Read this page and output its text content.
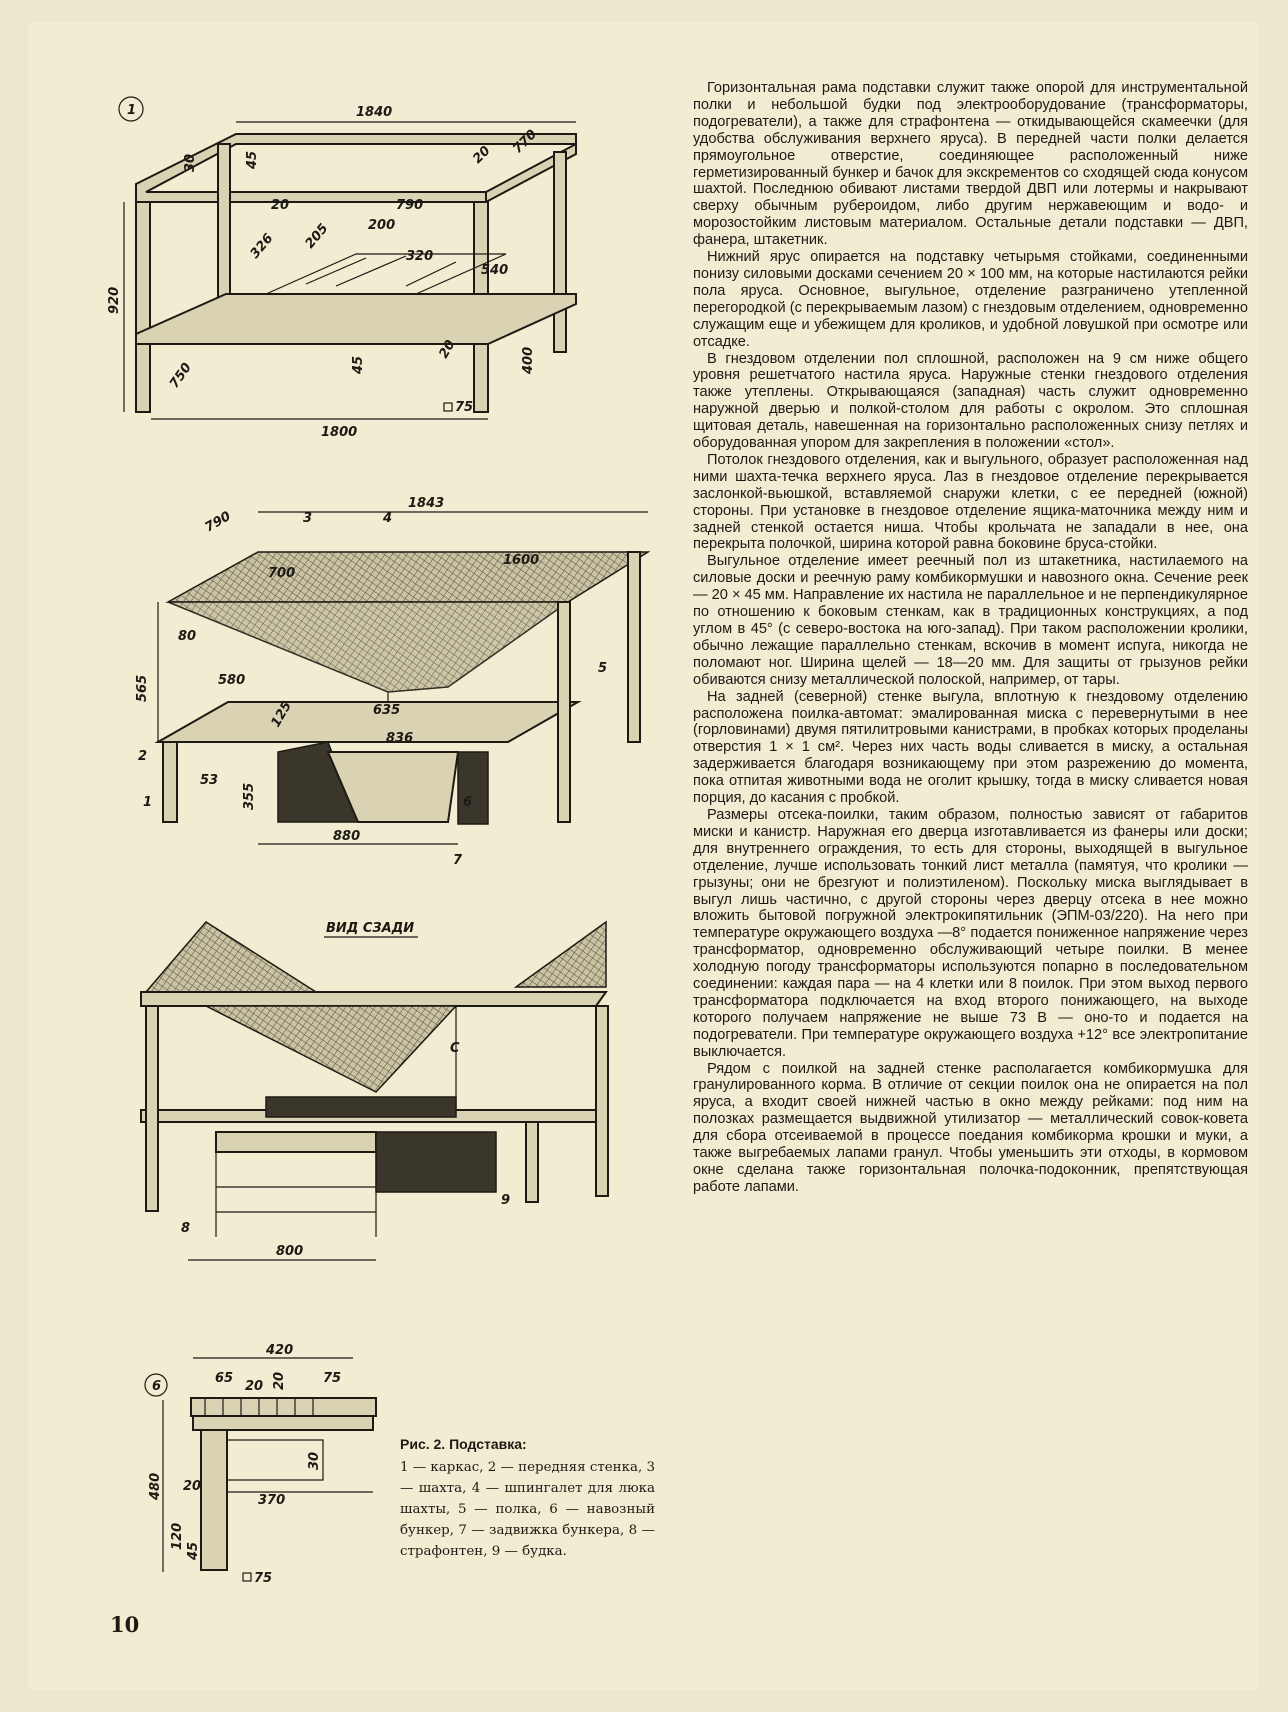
1	1840
30	45	20 770
20	790
200
205
326	320
540
920
750	45
20	400
75
1800
1843
790
700
1600
80
565	580
125	635
836
53
355
880
3	4
5
2
1	6
7
ВИД СЗАДИ
С
800
8
9
6
420
65
20 20	75
30
480 20
370
120
45
75
Рис. 2. Подставка:
1 — каркас, 2 — передняя стенка, 3 — шахта, 4 — шпингалет для люка шахты, 5 — полка, 6 — навозный бункер, 7 — задвижка бункера, 8 — страфонтен, 9 — будка.
10

Горизонтальная рама подставки служит также опорой для инструментальной полки и небольшой будки под электрооборудование (трансформаторы, подогреватели), а также для страфонтена — откидывающейся скамеечки (для удобства обслуживания верхнего яруса). В передней части полки делается прямоугольное отверстие, соединяющее расположенный ниже герметизированный бункер и бачок для экскрементов со сходящей сюда конусом шахтой. Последнюю обивают листами твердой ДВП или лотермы и накрывают сверху обычным рубероидом, либо другим нержавеющим и водо- и морозостойким листовым материалом. Остальные детали подставки — ДВП, фанера, штакетник.

Нижний ярус опирается на подставку четырьмя стойками, соединенными понизу силовыми досками сечением 20 × 100 мм, на которые настилаются рейки пола яруса. Основное, выгульное, отделение разграничено утепленной перегородкой (с перекрываемым лазом) с гнездовым отделением, одновременно служащим еще и убежищем для кроликов, и удобной ловушкой при осмотре или отсадке.

В гнездовом отделении пол сплошной, расположен на 9 см ниже общего уровня решетчатого настила яруса. Наружные стенки гнездового отделения также утеплены. Открывающаяся (западная) часть служит одновременно наружной дверью и полкой-столом для работы с окролом. Это сплошная щитовая деталь, навешенная на горизонтально расположенных снизу петлях и оборудованная упором для закрепления в положении «стол».

Потолок гнездового отделения, как и выгульного, образует расположенная над ними шахта-течка верхнего яруса. Лаз в гнездовое отделение перекрывается заслонкой-вьюшкой, вставляемой снаружи клетки, с ее передней (южной) стороны. При установке в гнездовое отделение ящика-маточника между ним и задней стенкой остается ниша. Чтобы крольчата не западали в нее, она перекрыта полочкой, ширина которой равна боковине бруса-стойки.

Выгульное отделение имеет реечный пол из штакетника, настилаемого на силовые доски и реечную раму комбикормушки и навозного окна. Сечение реек — 20 × 45 мм. Направление их настила не параллельное и не перпендикулярное по отношению к боковым стенкам, как в традиционных конструкциях, а под углом в 45° (с северо-востока на юго-запад). При таком расположении кролики, обычно лежащие параллельно стенкам, вскочив в момент испуга, никогда не поломают ног. Ширина щелей — 18—20 мм. Для защиты от грызунов рейки обиваются снизу металлической полоской, например, от тары.

На задней (северной) стенке выгула, вплотную к гнездовому отделению расположена поилка-автомат: эмалированная миска с перевернутыми в нее (горловинами) двумя пятилитровыми канистрами, в пробках которых проделаны отверстия 1 × 1 см². Через них часть воды сливается в миску, а остальная задерживается благодаря возникающему при этом разрежению до момента, пока отпитая животными вода не оголит крышку, тогда в миску сливается новая порция, до касания с пробкой.

Размеры отсека-поилки, таким образом, полностью зависят от габаритов миски и канистр. Наружная его дверца изготавливается из фанеры или доски; для внутреннего ограждения, то есть для стороны, выходящей в выгульное отделение, лучше использовать тонкий лист металла (памятуя, что кролики — грызуны; они не брезгуют и полиэтиленом). Поскольку миска выглядывает в выгул лишь частично, с другой стороны через дверцу отсека в нее можно вложить бытовой погружной электрокипятильник (ЭПМ-03/220). На него при температуре окружающего воздуха —8° подается пониженное напряжение через трансформатор, одновременно обслуживающий четыре поилки. В менее холодную погоду трансформаторы используются попарно в последовательном соединении: каждая пара — на 4 клетки или 8 поилок. При этом выход первого трансформатора подключается на вход второго понижающего, на выходе которого получаем напряжение не выше 73 В — оно-то и подается на подогреватели. При температуре окружающего воздуха +12° все электропитание выключается.

Рядом с поилкой на задней стенке располагается комбикормушка для гранулированного корма. В отличие от секции поилок она не опирается на пол яруса, а входит своей нижней частью в окно между рейками: под ним на полозках размещается выдвижной утилизатор — металлический совок-ковета для сбора отсеиваемой в процессе поедания комбикорма крошки и муки, а также выгребаемых лапами гранул. Чтобы уменьшить эти отходы, в кормовом окне сделана также горизонтальная полочка-подоконник, препятствующая работе лапами.
